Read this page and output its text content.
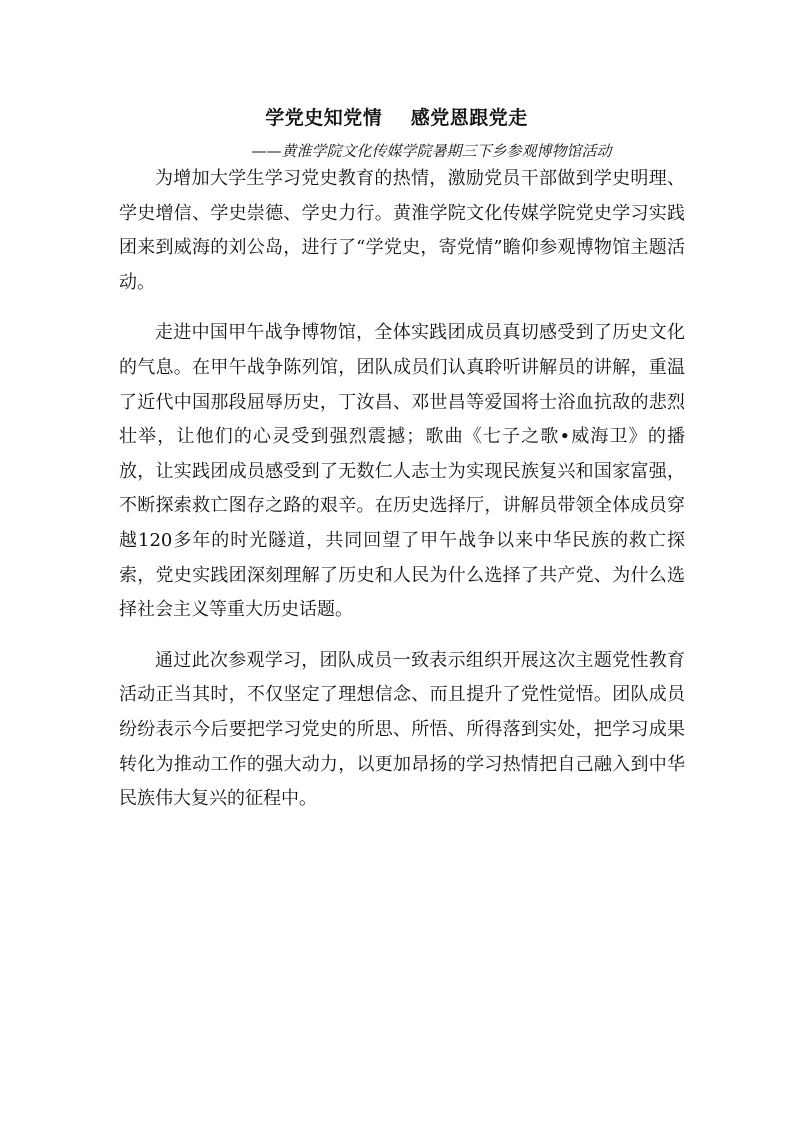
学党史知党情    感党恩跟党走
——黄淮学院文化传媒学院暑期三下乡参观博物馆活动

为增加大学生学习党史教育的热情，激励党员干部做到学史明理、学史增信、学史崇德、学史力行。黄淮学院文化传媒学院党史学习实践团来到威海的刘公岛，进行了“学党史，寄党情”瞻仰参观博物馆主题活动。

走进中国甲午战争博物馆，全体实践团成员真切感受到了历史文化的气息。在甲午战争陈列馆，团队成员们认真聆听讲解员的讲解，重温了近代中国那段屈辱历史，丁汝昌、邓世昌等爱国将士浴血抗敌的悲烈壮举，让他们的心灵受到强烈震撼；歌曲《七子之歌•威海卫》的播放，让实践团成员感受到了无数仁人志士为实现民族复兴和国家富强，不断探索救亡图存之路的艰辛。在历史选择厅，讲解员带领全体成员穿越120多年的时光隧道，共同回望了甲午战争以来中华民族的救亡探索，党史实践团深刻理解了历史和人民为什么选择了共产党、为什么选择社会主义等重大历史话题。

通过此次参观学习，团队成员一致表示组织开展这次主题党性教育活动正当其时，不仅坚定了理想信念、而且提升了党性觉悟。团队成员纷纷表示今后要把学习党史的所思、所悟、所得落到实处，把学习成果转化为推动工作的强大动力，以更加昂扬的学习热情把自己融入到中华民族伟大复兴的征程中。
